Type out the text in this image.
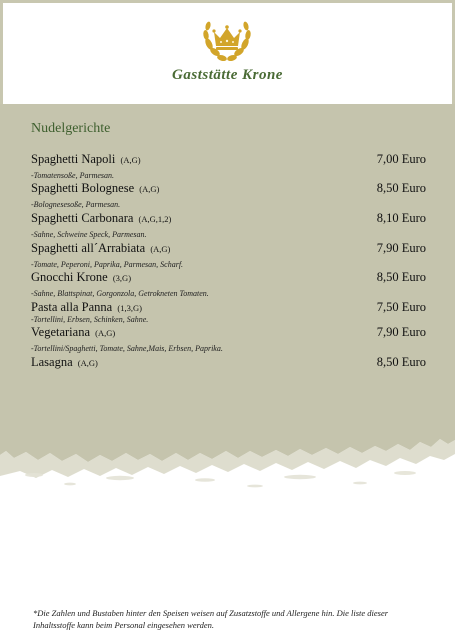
Gaststätte Krone
Nudelgerichte
Spaghetti Napoli (A,G)	7,00 Euro
-Tomatensoße, Parmesan.
Spaghetti Bolognese (A,G)	8,50 Euro
-Bolognesesoße, Parmesan.
Spaghetti Carbonara (A,G,1,2)	8,10 Euro
-Sahne, Schweine Speck, Parmesan.
Spaghetti all´Arrabiata (A,G)	7,90 Euro
-Tomate, Peperoni, Paprika, Parmesan, Scharf.
Gnocchi Krone (3,G)	8,50 Euro
-Sahne, Blattspinat, Gorgonzola, Getrokneten Tomaten.
Pasta alla Panna (1,3,G)	7,50 Euro
-Tortellini, Erbsen, Schinken, Sahne.
Vegetariana (A,G)	7,90 Euro
-Tortellini/Spaghetti, Tomate, Sahne,Mais, Erbsen, Paprika.
Lasagna (A,G)	8,50 Euro
*Die Zahlen und Bustaben hinter den Speisen weisen auf Zusatzstoffe und Allergene hin. Die liste dieser Inhaltsstoffe kann beim Personal eingesehen werden.
